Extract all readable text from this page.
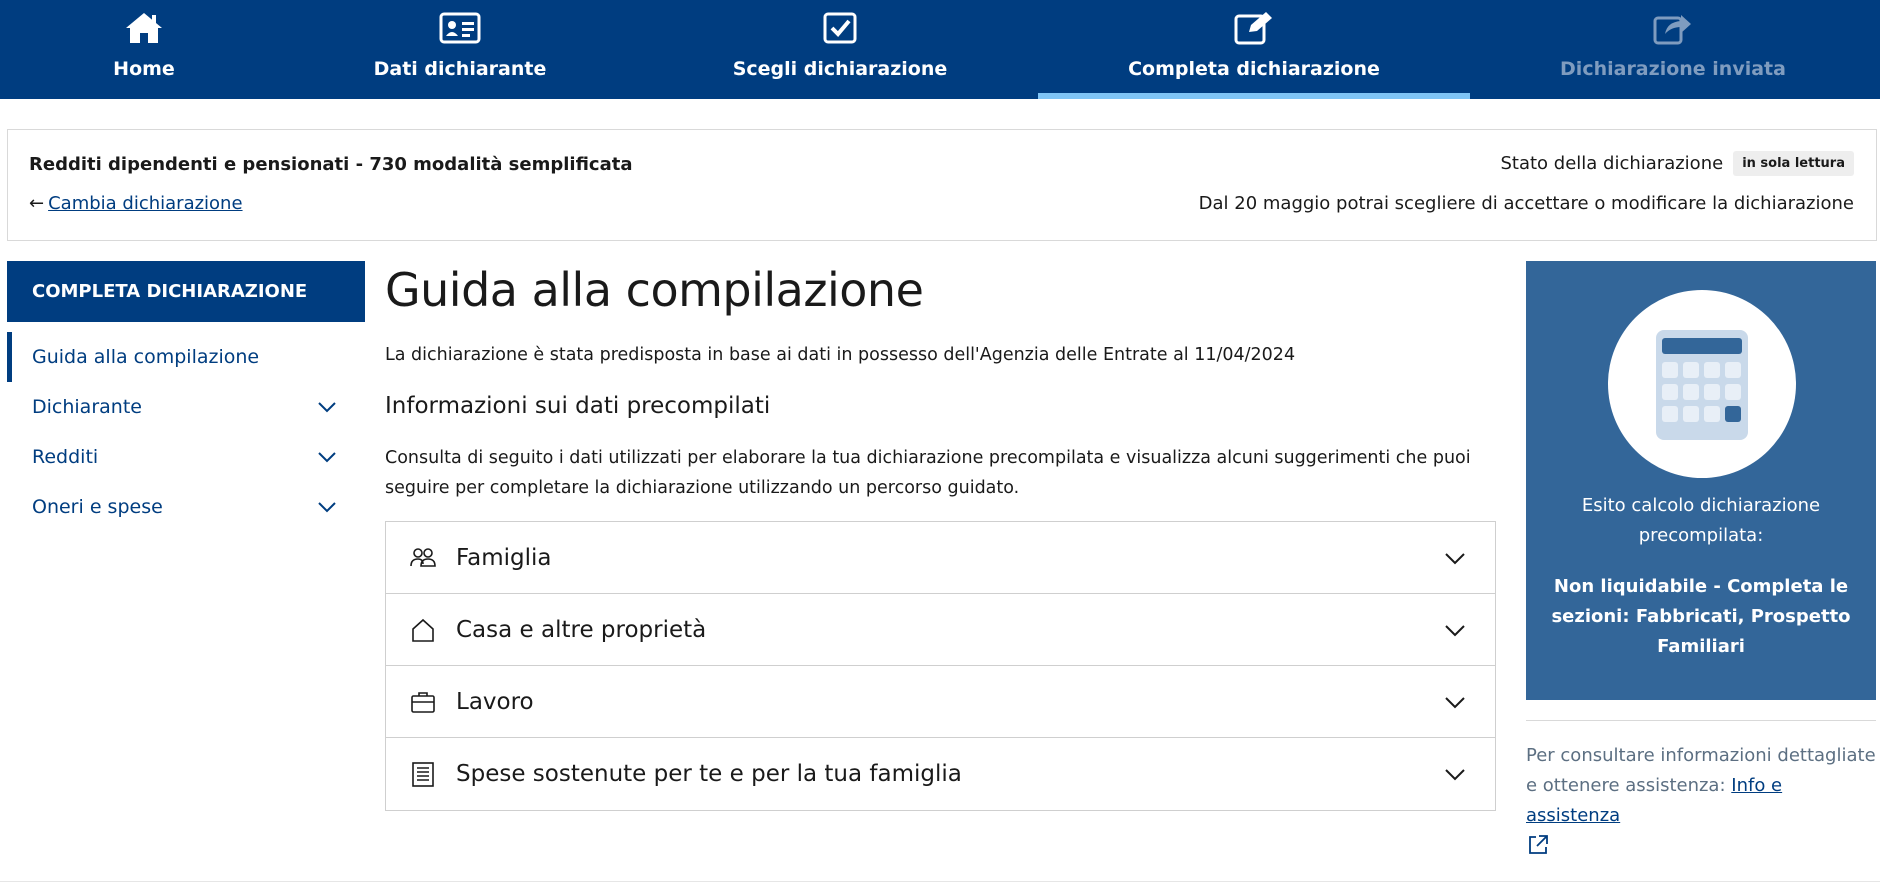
Home	Dati dichiarante	Scegli dichiarazione	Completa dichiarazione	Dichiarazione inviata
Redditi dipendenti e pensionati - 730 modalità semplificata
← Cambia dichiarazione
Stato della dichiarazione	in sola lettura
Dal 20 maggio potrai scegliere di accettare o modificare la dichiarazione
COMPLETA DICHIARAZIONE
Guida alla compilazione
Dichiarante
Redditi
Oneri e spese
Guida alla compilazione

La dichiarazione è stata predisposta in base ai dati in possesso dell'Agenzia delle Entrate al 11/04/2024

Informazioni sui dati precompilati

Consulta di seguito i dati utilizzati per elaborare la tua dichiarazione precompilata e visualizza alcuni suggerimenti che puoi seguire per completare la dichiarazione utilizzando un percorso guidato.

Famiglia
Casa e altre proprietà
Lavoro
Spese sostenute per te e per la tua famiglia
Esito calcolo dichiarazione precompilata:
Non liquidabile - Completa le sezioni: Fabbricati, Prospetto Familiari
Per consultare informazioni dettagliate e ottenere assistenza: Info e assistenza
